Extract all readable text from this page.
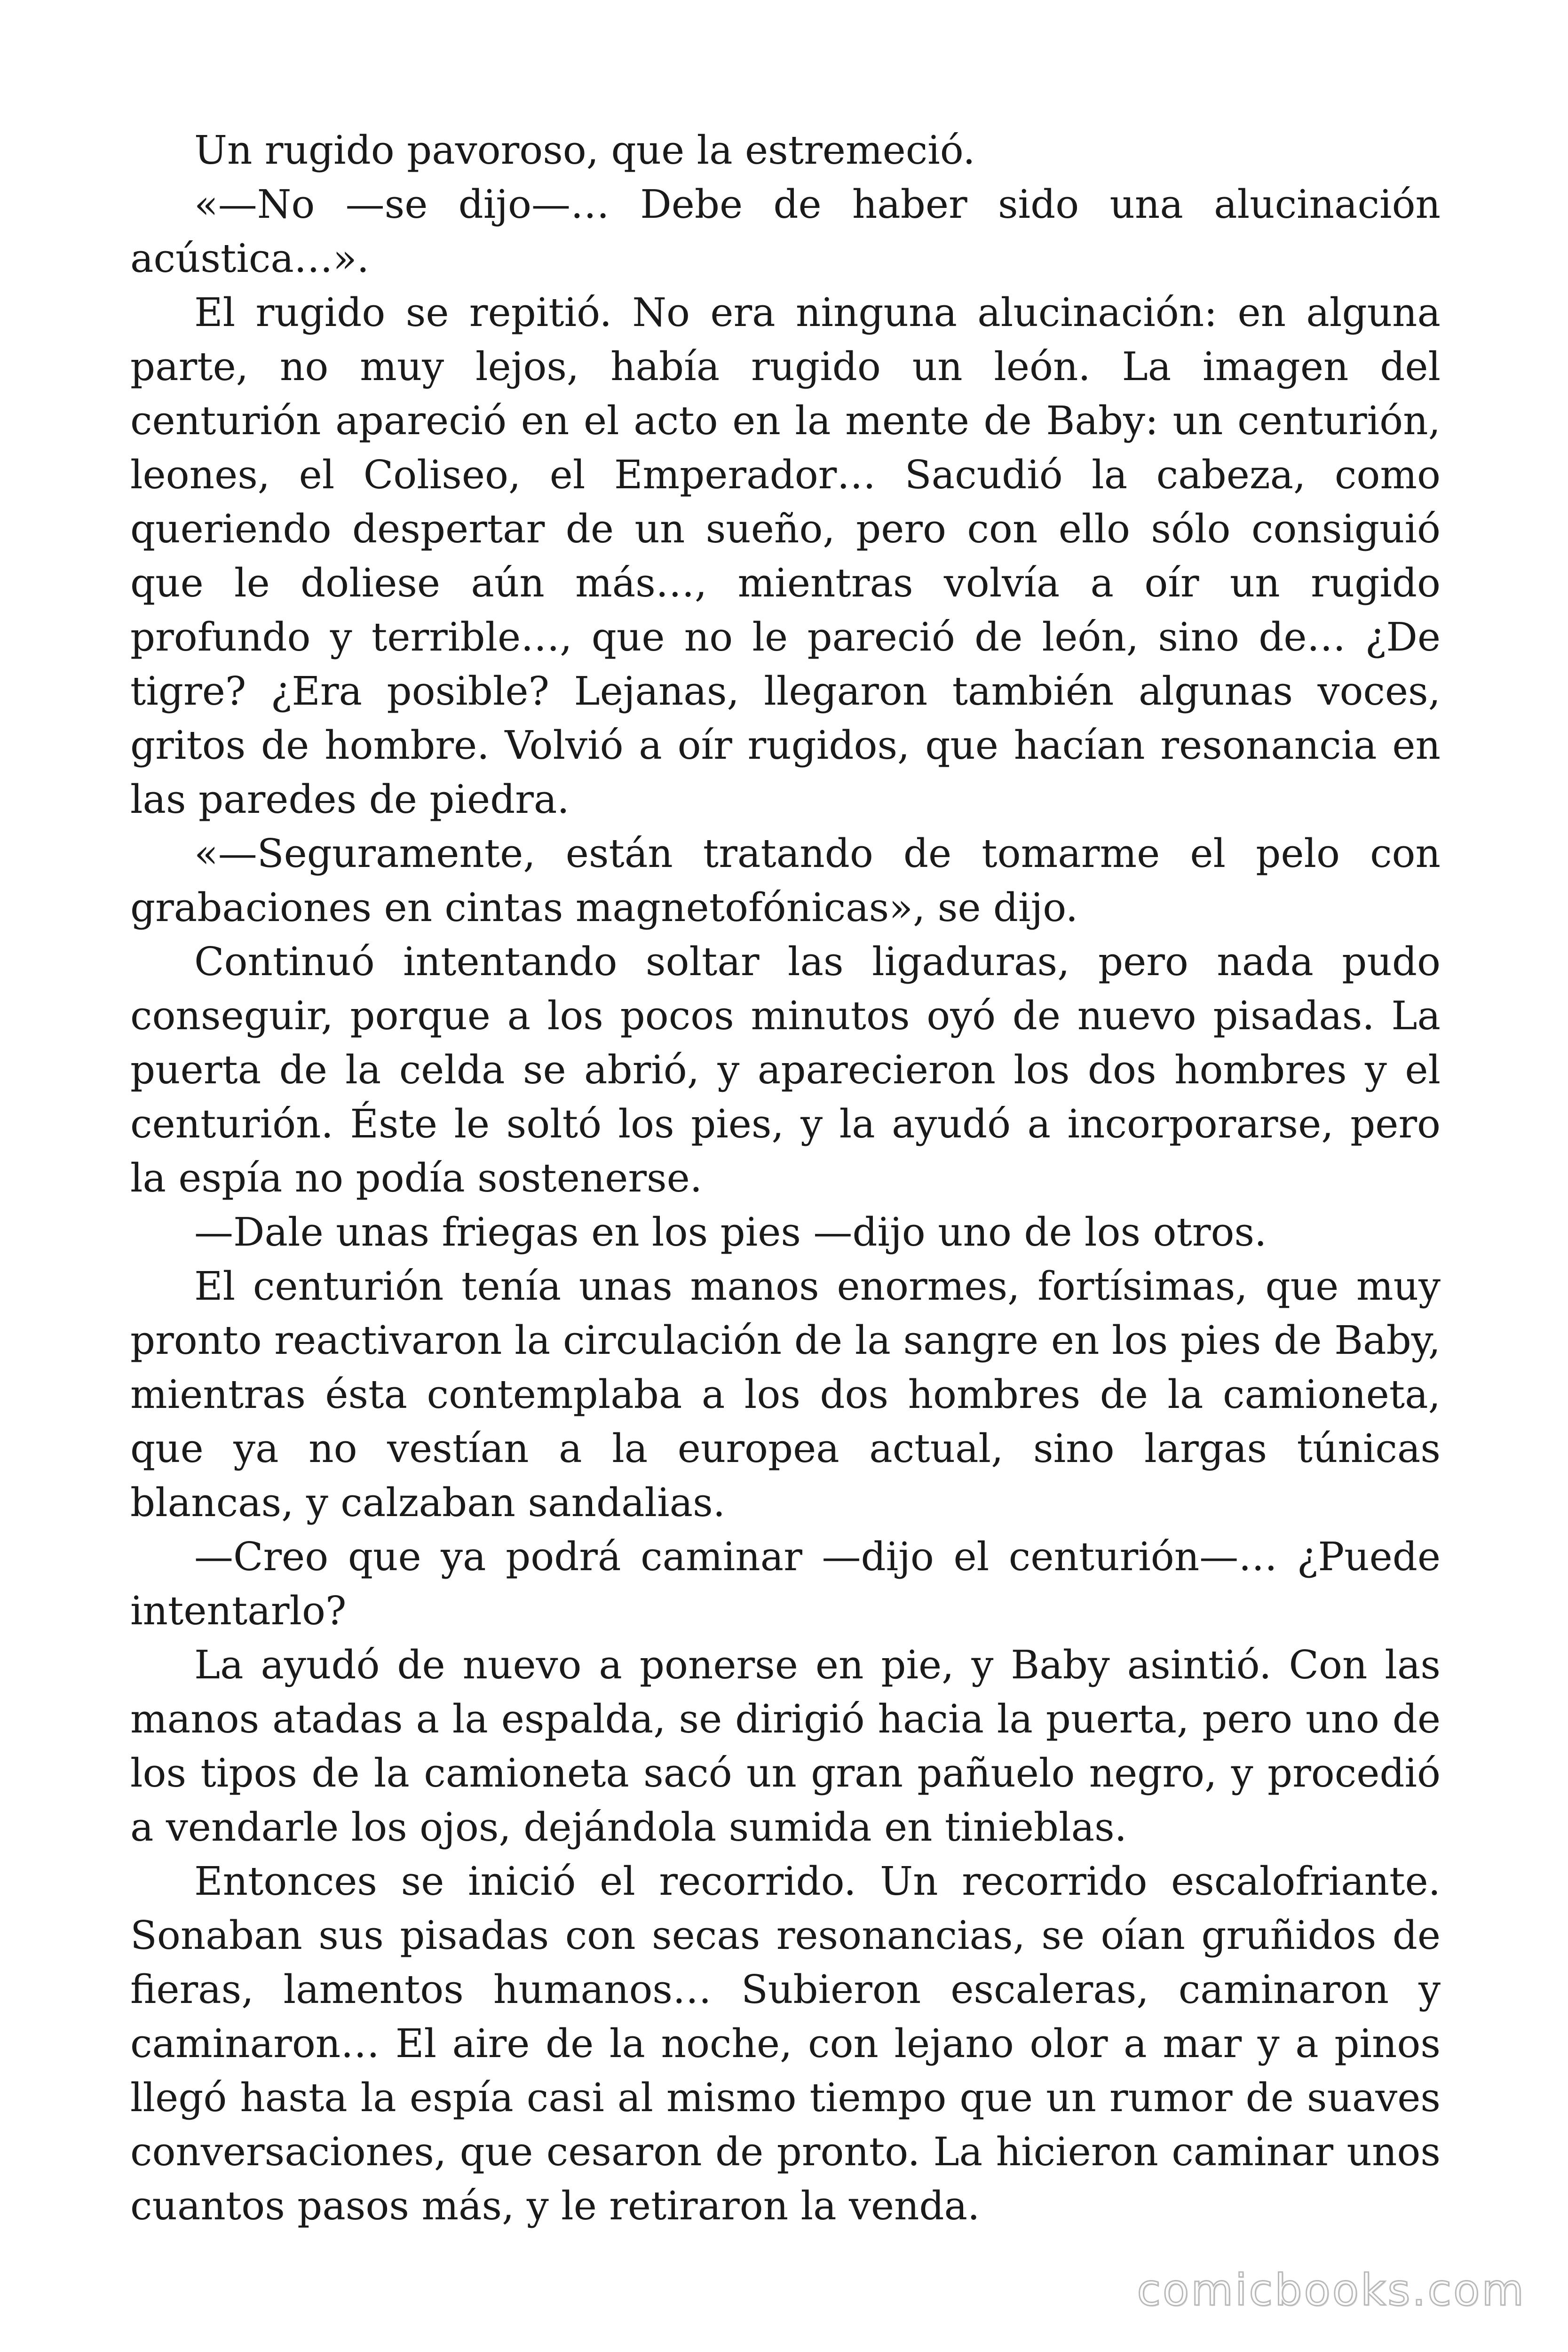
Un rugido pavoroso, que la estremeció.

«—No —se dijo—… Debe de haber sido una alucinación acústica…».

El rugido se repitió. No era ninguna alucinación: en alguna parte, no muy lejos, había rugido un león. La imagen del centurión apareció en el acto en la mente de Baby: un centurión, leones, el Coliseo, el Emperador… Sacudió la cabeza, como queriendo despertar de un sueño, pero con ello sólo consiguió que le doliese aún más…, mientras volvía a oír un rugido profundo y terrible…, que no le pareció de león, sino de… ¿De tigre? ¿Era posible? Lejanas, llegaron también algunas voces, gritos de hombre. Volvió a oír rugidos, que hacían resonancia en las paredes de piedra.

«—Seguramente, están tratando de tomarme el pelo con grabaciones en cintas magnetofónicas», se dijo.

Continuó intentando soltar las ligaduras, pero nada pudo conseguir, porque a los pocos minutos oyó de nuevo pisadas. La puerta de la celda se abrió, y aparecieron los dos hombres y el centurión. Éste le soltó los pies, y la ayudó a incorporarse, pero la espía no podía sostenerse.

—Dale unas friegas en los pies —dijo uno de los otros.

El centurión tenía unas manos enormes, fortísimas, que muy pronto reactivaron la circulación de la sangre en los pies de Baby, mientras ésta contemplaba a los dos hombres de la camioneta, que ya no vestían a la europea actual, sino largas túnicas blancas, y calzaban sandalias.

—Creo que ya podrá caminar —dijo el centurión—… ¿Puede intentarlo?

La ayudó de nuevo a ponerse en pie, y Baby asintió. Con las manos atadas a la espalda, se dirigió hacia la puerta, pero uno de los tipos de la camioneta sacó un gran pañuelo negro, y procedió a vendarle los ojos, dejándola sumida en tinieblas.

Entonces se inició el recorrido. Un recorrido escalofriante. Sonaban sus pisadas con secas resonancias, se oían gruñidos de fieras, lamentos humanos… Subieron escaleras, caminaron y caminaron… El aire de la noche, con lejano olor a mar y a pinos llegó hasta la espía casi al mismo tiempo que un rumor de suaves conversaciones, que cesaron de pronto. La hicieron caminar unos cuantos pasos más, y le retiraron la venda.

comicbooks.com
